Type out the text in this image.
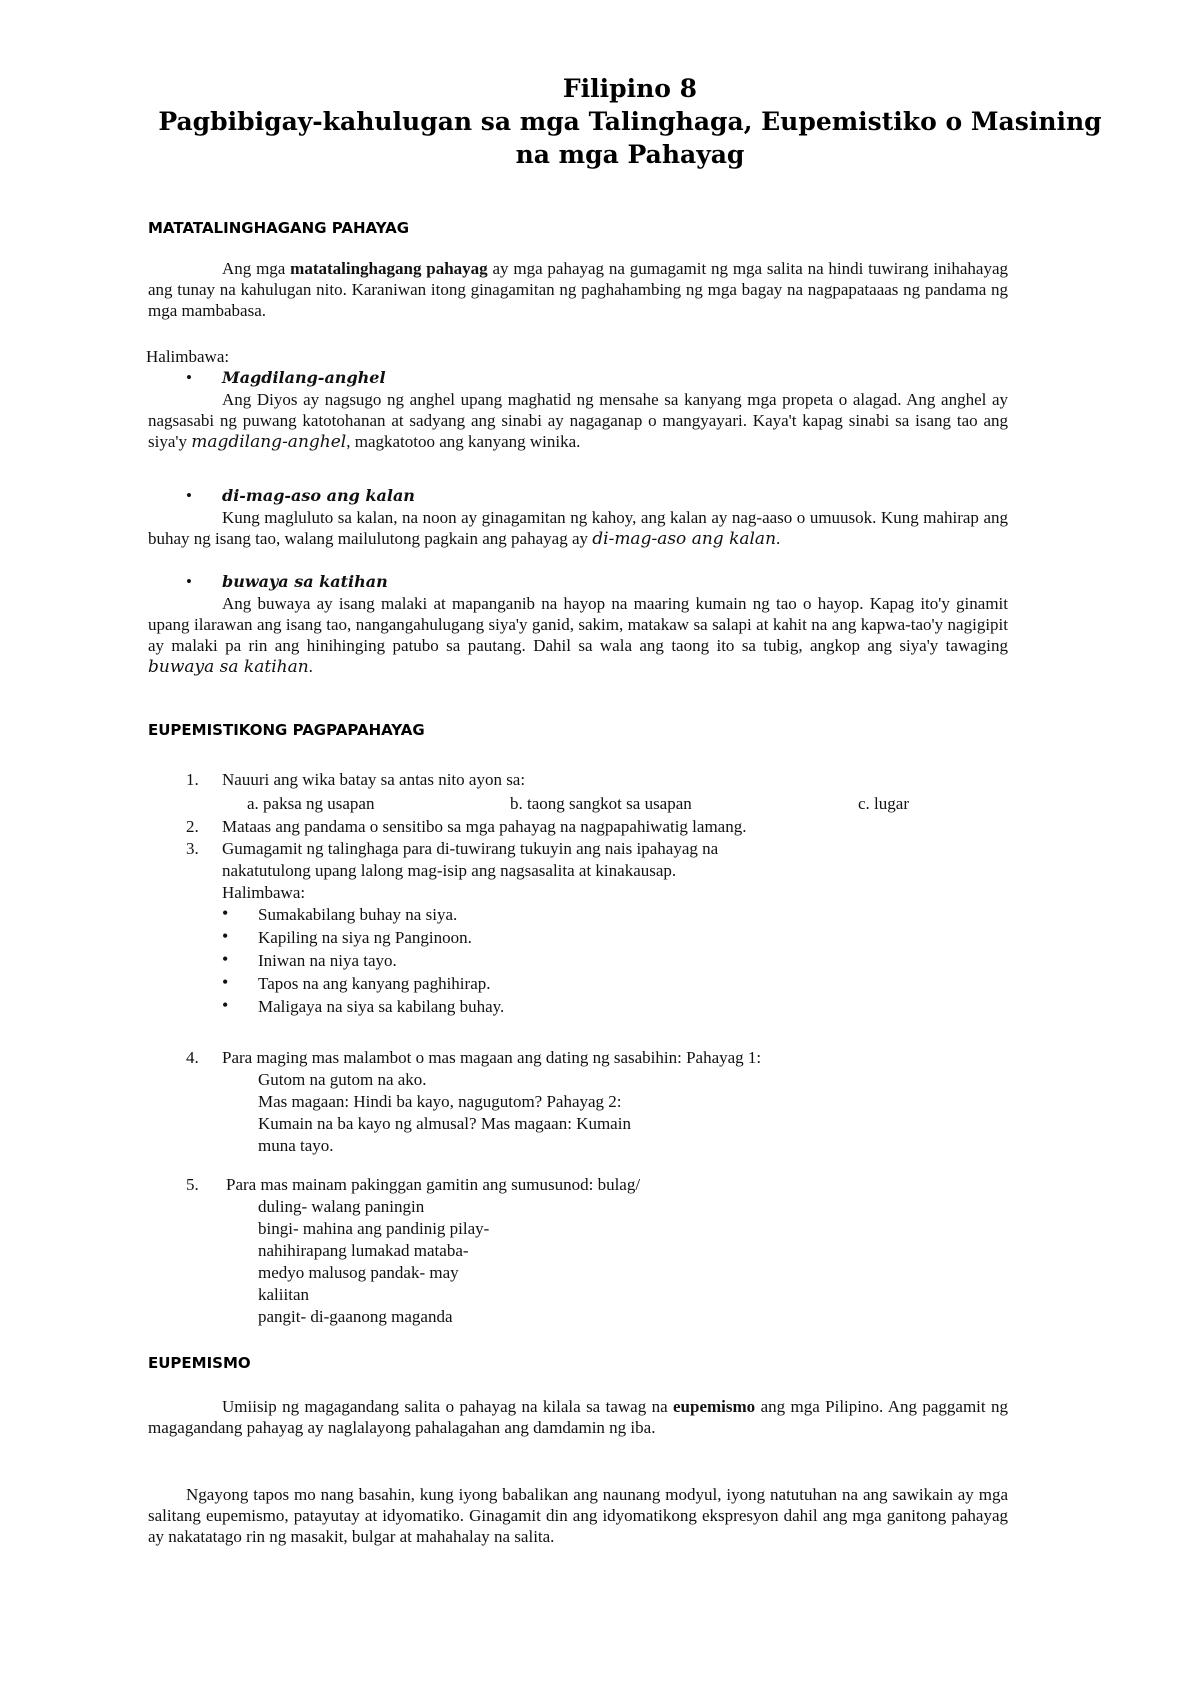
Filipino 8
Pagbibigay-kahulugan sa mga Talinghaga, Eupemistiko o Masining
na mga Pahayag
MATATALINGHAGANG PAHAYAG

Ang mga matatalinghagang pahayag ay mga pahayag na gumagamit ng mga salita na hindi tuwirang inihahayag ang tunay na kahulugan nito. Karaniwan itong ginagamitan ng paghahambing ng mga bagay na nagpapataaas ng pandama ng mga mambabasa.

Halimbawa:
• Magdilang-anghel

Ang Diyos ay nagsugo ng anghel upang maghatid ng mensahe sa kanyang mga propeta o alagad. Ang anghel ay nagsasabi ng puwang katotohanan at sadyang ang sinabi ay nagaganap o mangyayari. Kaya't kapag sinabi sa isang tao ang siya'y magdilang-anghel, magkatotoo ang kanyang winika.

• di-mag-aso ang kalan

Kung magluluto sa kalan, na noon ay ginagamitan ng kahoy, ang kalan ay nag-aaso o umuusok. Kung mahirap ang buhay ng isang tao, walang mailulutong pagkain ang pahayag ay di-mag-aso ang kalan.

• buwaya sa katihan

Ang buwaya ay isang malaki at mapanganib na hayop na maaring kumain ng tao o hayop. Kapag ito'y ginamit upang ilarawan ang isang tao, nangangahulugang siya'y ganid, sakim, matakaw sa salapi at kahit na ang kapwa-tao'y nagigipit ay malaki pa rin ang hinihinging patubo sa pautang. Dahil sa wala ang taong ito sa tubig, angkop ang siya'y tawaging buwaya sa katihan.

EUPEMISTIKONG PAGPAPAHAYAG
1. Nauuri ang wika batay sa antas nito ayon sa:
a. paksa ng usapan	b. taong sangkot sa usapan	c. lugar
2. Mataas ang pandama o sensitibo sa mga pahayag na nagpapahiwatig lamang.
3. Gumagamit ng talinghaga para di-tuwirang tukuyin ang nais ipahayag na
nakatutulong upang lalong mag-isip ang nagsasalita at kinakausap.
Halimbawa:
• Sumakabilang buhay na siya.
• Kapiling na siya ng Panginoon.
• Iniwan na niya tayo.
• Tapos na ang kanyang paghihirap.
• Maligaya na siya sa kabilang buhay.
4. Para maging mas malambot o mas magaan ang dating ng sasabihin: Pahayag 1:
Gutom na gutom na ako.
Mas magaan: Hindi ba kayo, nagugutom? Pahayag 2:
Kumain na ba kayo ng almusal? Mas magaan: Kumain
muna tayo.
5. Para mas mainam pakinggan gamitin ang sumusunod: bulag/
duling- walang paningin
bingi- mahina ang pandinig pilay-
nahihirapang lumakad mataba-
medyo malusog pandak- may
kaliitan
pangit- di-gaanong maganda
EUPEMISMO

Umiisip ng magagandang salita o pahayag na kilala sa tawag na eupemismo ang mga Pilipino. Ang paggamit ng magagandang pahayag ay naglalayong pahalagahan ang damdamin ng iba.

Ngayong tapos mo nang basahin, kung iyong babalikan ang naunang modyul, iyong natutuhan na ang sawikain ay mga salitang eupemismo, patayutay at idyomatiko. Ginagamit din ang idyomatikong ekspresyon dahil ang mga ganitong pahayag ay nakatatago rin ng masakit, bulgar at mahahalay na salita.
